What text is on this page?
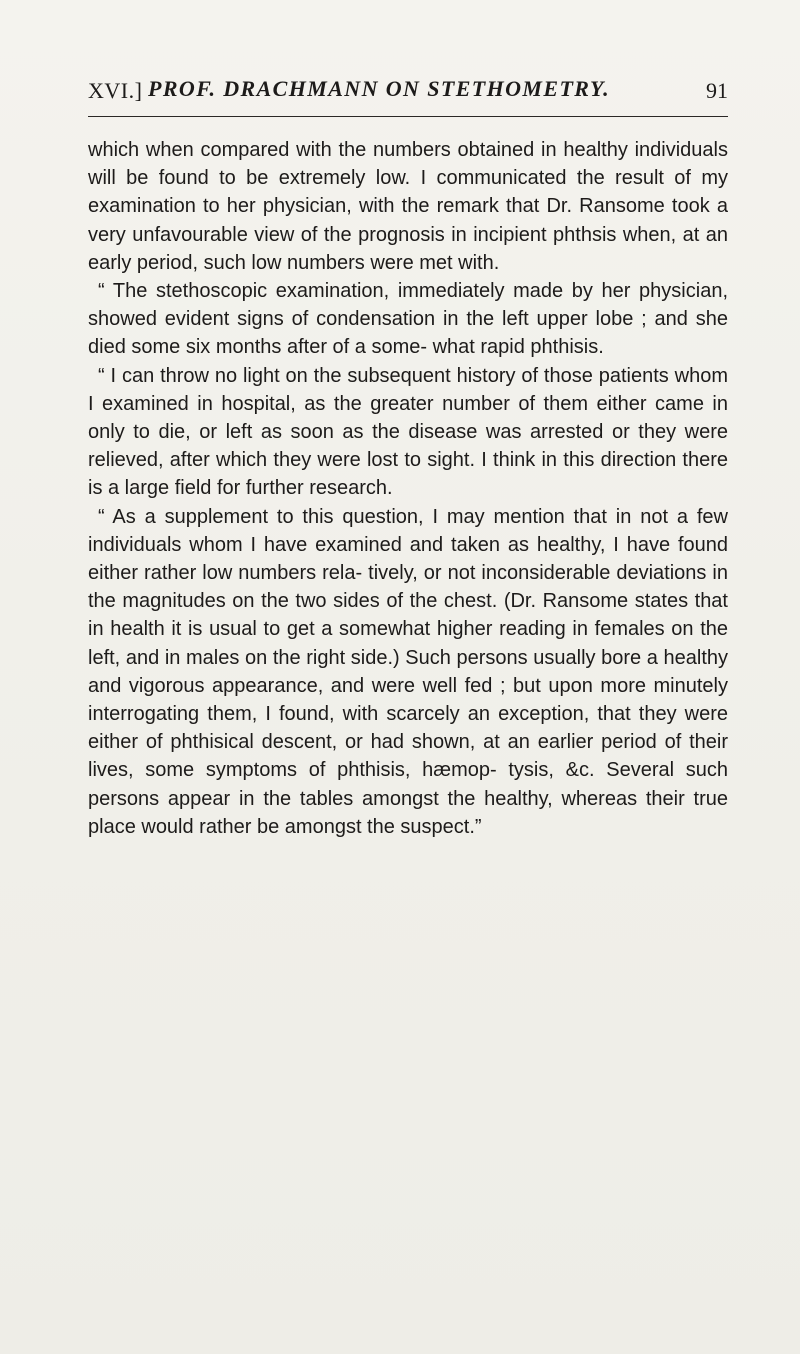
XVI.] PROF. DRACHMANN ON STETHOMETRY.	91

which when compared with the numbers obtained in healthy individuals will be found to be extremely low. I communicated the result of my examination to her physician, with the remark that Dr. Ransome took a very unfavourable view of the prognosis in incipient phthsis when, at an early period, such low numbers were met with.

“ The stethoscopic examination, immediately made by her physician, showed evident signs of condensation in the left upper lobe ; and she died some six months after of a some- what rapid phthisis.

“ I can throw no light on the subsequent history of those patients whom I examined in hospital, as the greater number of them either came in only to die, or left as soon as the disease was arrested or they were relieved, after which they were lost to sight. I think in this direction there is a large field for further research.

“ As a supplement to this question, I may mention that in not a few individuals whom I have examined and taken as healthy, I have found either rather low numbers rela- tively, or not inconsiderable deviations in the magnitudes on the two sides of the chest. (Dr. Ransome states that in health it is usual to get a somewhat higher reading in females on the left, and in males on the right side.) Such persons usually bore a healthy and vigorous appearance, and were well fed ; but upon more minutely interrogating them, I found, with scarcely an exception, that they were either of phthisical descent, or had shown, at an earlier period of their lives, some symptoms of phthisis, hæmop- tysis, &c. Several such persons appear in the tables amongst the healthy, whereas their true place would rather be amongst the suspect.”
